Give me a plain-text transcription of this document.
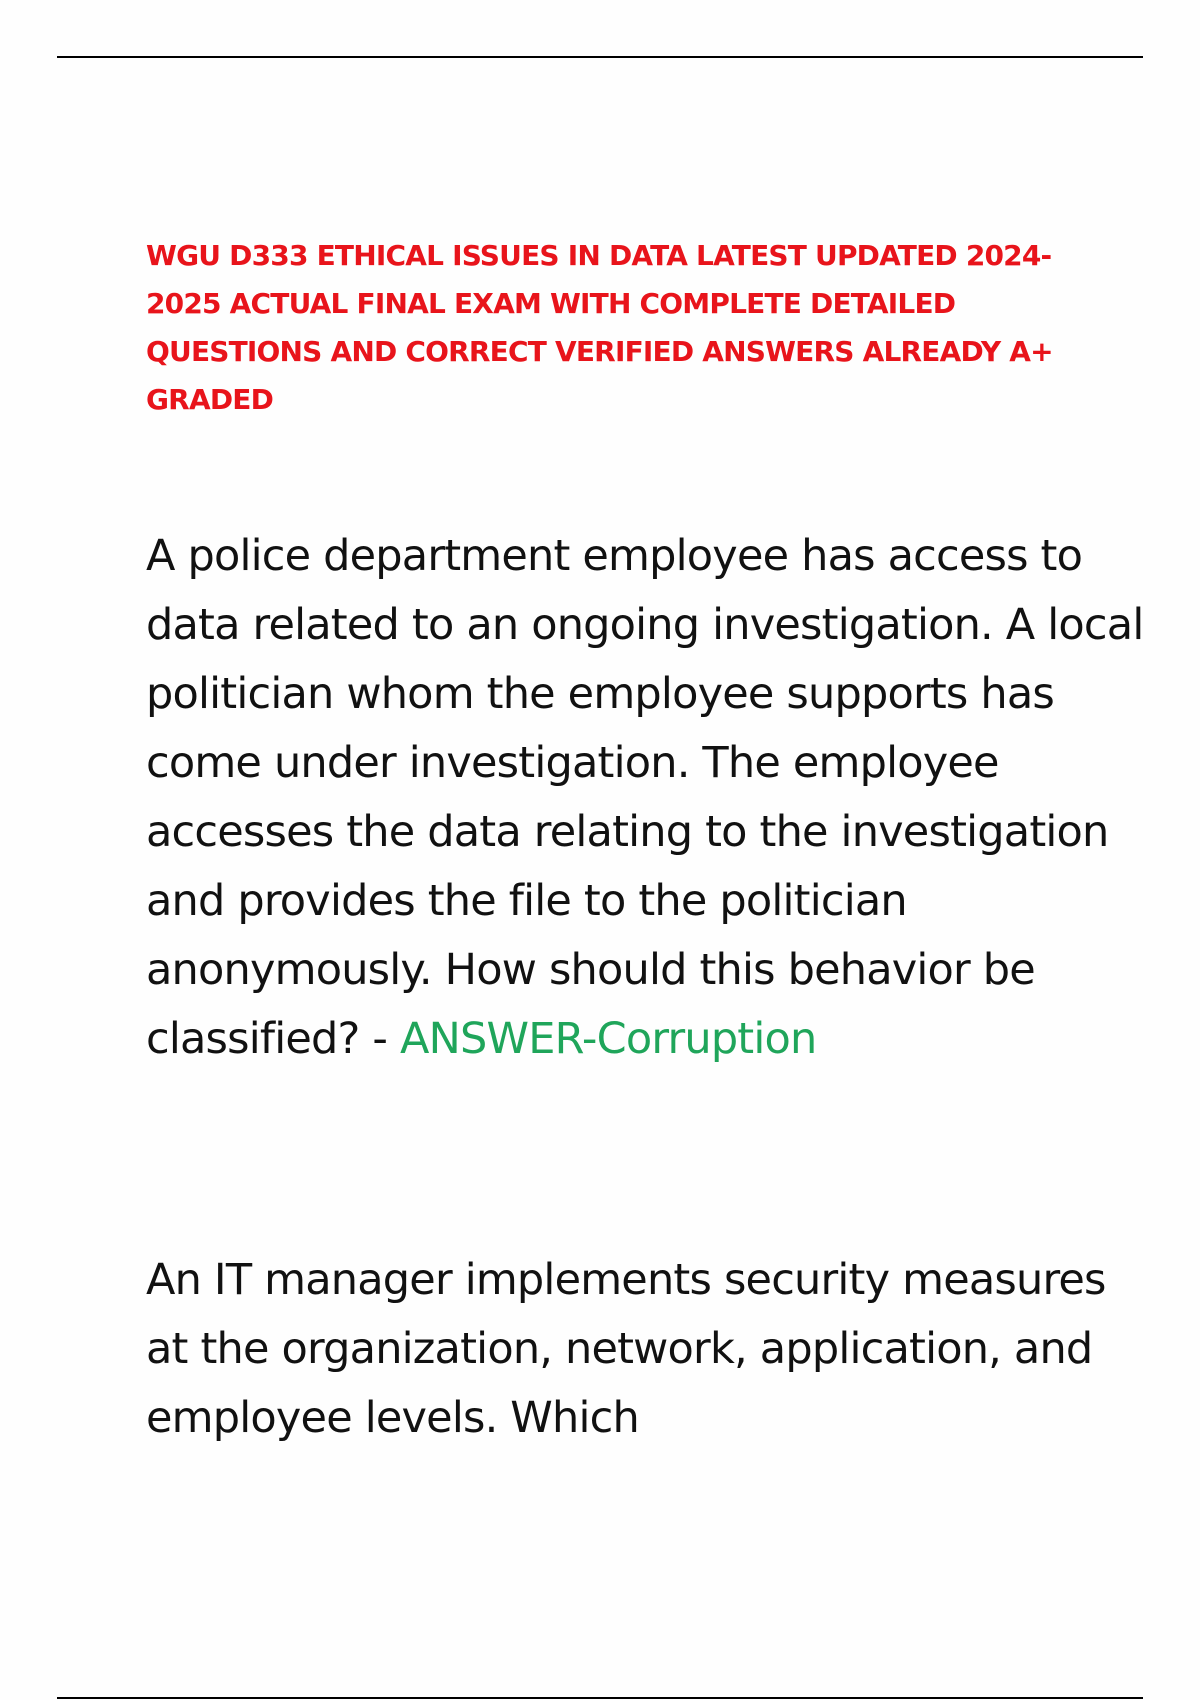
WGU D333 ETHICAL ISSUES IN DATA LATEST UPDATED 2024-2025 ACTUAL FINAL EXAM WITH COMPLETE DETAILED QUESTIONS AND CORRECT VERIFIED ANSWERS ALREADY A+ GRADED
A police department employee has access to data related to an ongoing investigation. A local politician whom the employee supports has come under investigation. The employee accesses the data relating to the investigation and provides the file to the politician anonymously. How should this behavior be classified? - ANSWER-Corruption
An IT manager implements security measures at the organization, network, application, and employee levels. Which
